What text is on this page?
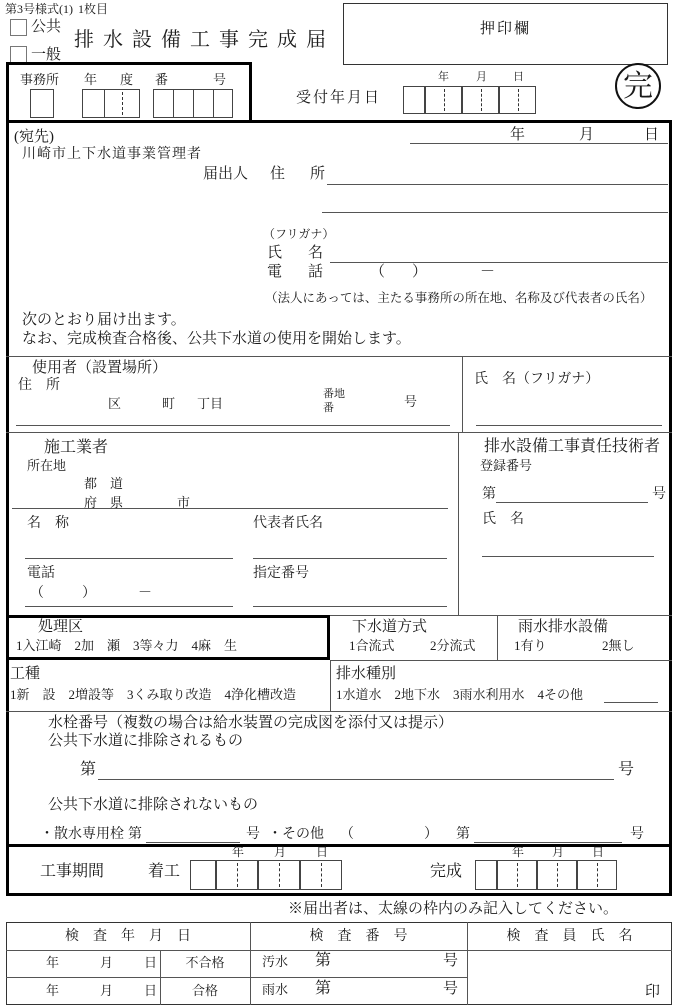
第3号様式(1) 1枚目
公共
一般
排水設備工事完成届	押印欄
完
事務所 年 度 番	号
受付年月日
年 月 日
(宛先)	年	月	日
川崎市上下水道事業管理者
届出人 住 所
（フリガナ）
氏 名
電 話	（ ）	－
（法人にあっては、主たる事務所の所在地、名称及び代表者の氏名）
次のとおり届け出ます。
なお、完成検査合格後、公共下水道の使用を開始します。
使用者（設置場所）
住　所
区	町 丁目
番地
番	号
氏　名（フリガナ）
施工業者
所在地
都　道
府　県	市
名　称	代表者氏名
電話
（	）	－
指定番号
排水設備工事責任技術者
登録番号
第	号
氏　名
処理区
1入江崎　2加　瀬　3等々力　4麻　生
下水道方式
1合流式	2分流式
雨水排水設備
1有り	2無し
工種
1新　設　2増設等　3くみ取り改造　4浄化槽改造
排水種別
1水道水　2地下水　3雨水利用水　4その他
水栓番号（複数の場合は給水装置の完成図を添付又は提示）
公共下水道に排除されるもの
第	号
公共下水道に排除されないもの
・散水専用栓 第	号 ・その他 （	） 第	号
工事期間	着工
年 月 日
完成
年 月 日
※届出者は、太線の枠内のみ記入してください。
検　査　年　月　日	検　査　番　号	検　査　員　氏　名
年	月 日	不合格	汚水 第	号
年	月 日	合格	雨水 第	号	印
